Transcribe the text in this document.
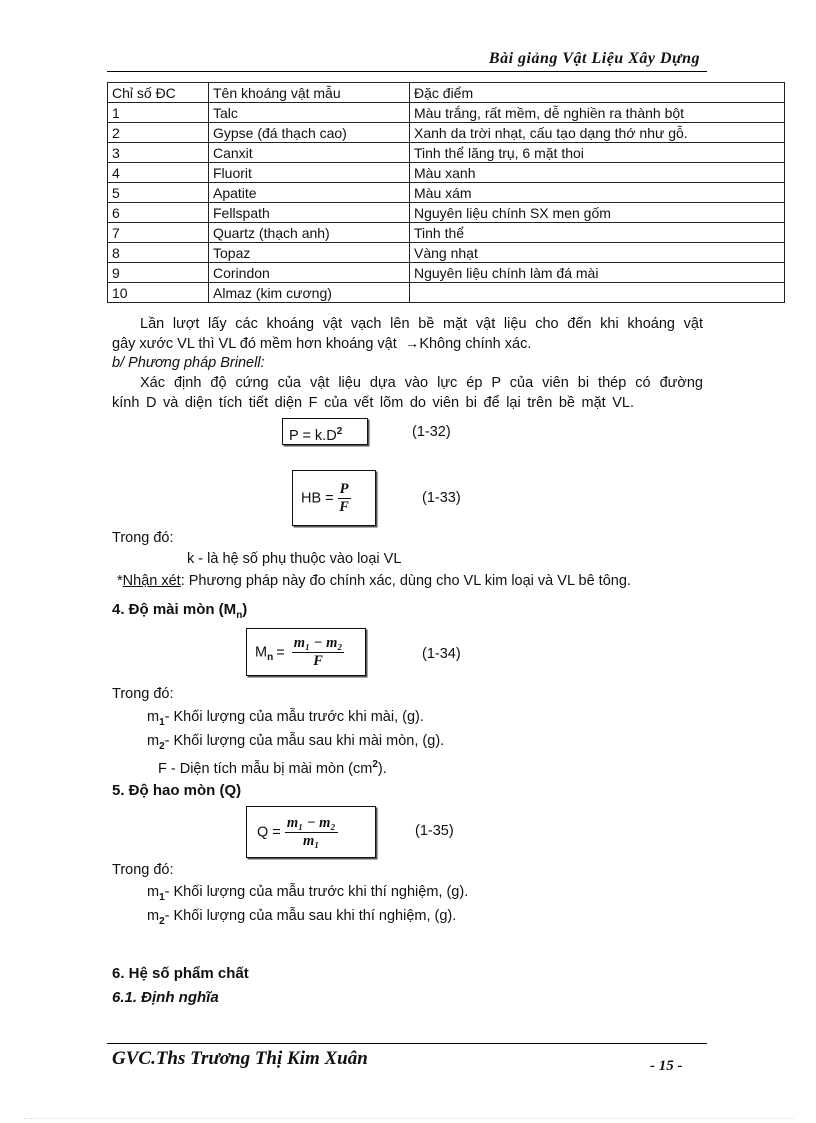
Bài giảng Vật Liệu Xây Dựng
Chỉ số ĐC	Tên khoáng vật mẫu	Đặc điểm
1	Talc	Màu trắng, rất mềm, dễ nghiền ra thành bột
2	Gypse (đá thạch cao)	Xanh da trời nhạt, cấu tạo dạng thớ như gỗ.
3	Canxit	Tinh thể lăng trụ, 6 mặt thoi
4	Fluorit	Màu xanh
5	Apatite	Màu xám
6	Fellspath	Nguyên liệu chính SX men gốm
7	Quartz (thạch anh)	Tinh thể
8	Topaz	Vàng nhạt
9	Corindon	Nguyên liệu chính làm đá mài
10	Almaz (kim cương)	
Lần lượt lấy các khoáng vật vạch lên bề mặt vật liệu cho đến khi khoáng vật
gây xước VL thì VL đó mềm hơn khoáng vật →Không chính xác.
b/ Phương pháp Brinell:
Xác định độ cứng của vật liệu dựa vào lực ép P của viên bi thép có đường
kính D và diện tích tiết diện F của vết lõm do viên bi để lại trên bề mặt VL.
$P = k.D^2$	(1-32)
HB = $\frac{P}{F}$	(1-33)
Trong đó:
k - là hệ số phụ thuộc vào loại VL
*Nhận xét: Phương pháp này đo chính xác, dùng cho VL kim loại và VL bê tông.
4. Độ mài mòn $(M_n)$
$M_n = \frac{\text{m₁ − m₂}}{F}$	(1-34)
Trong đó:
$m_1-$ Khối lượng của mẫu trước khi mài, (g).
$m_2-$ Khối lượng của mẫu sau khi mài mòn, (g).
F - Diện tích mẫu bị mài mòn $(cm^2)$.
5. Độ hao mòn (Q)
$Q = \frac{\text{m₁ − m₂}}{\text{m₁}}$	(1-35)
Trong đó:
$m_1-$ Khối lượng của mẫu trước khi thí nghiệm, (g).
$m_2-$ Khối lượng của mẫu sau khi thí nghiệm, (g).
6. Hệ số phẩm chất
6.1. Định nghĩa
GVC.Ths Trương Thị Kim Xuân	- 15 -
